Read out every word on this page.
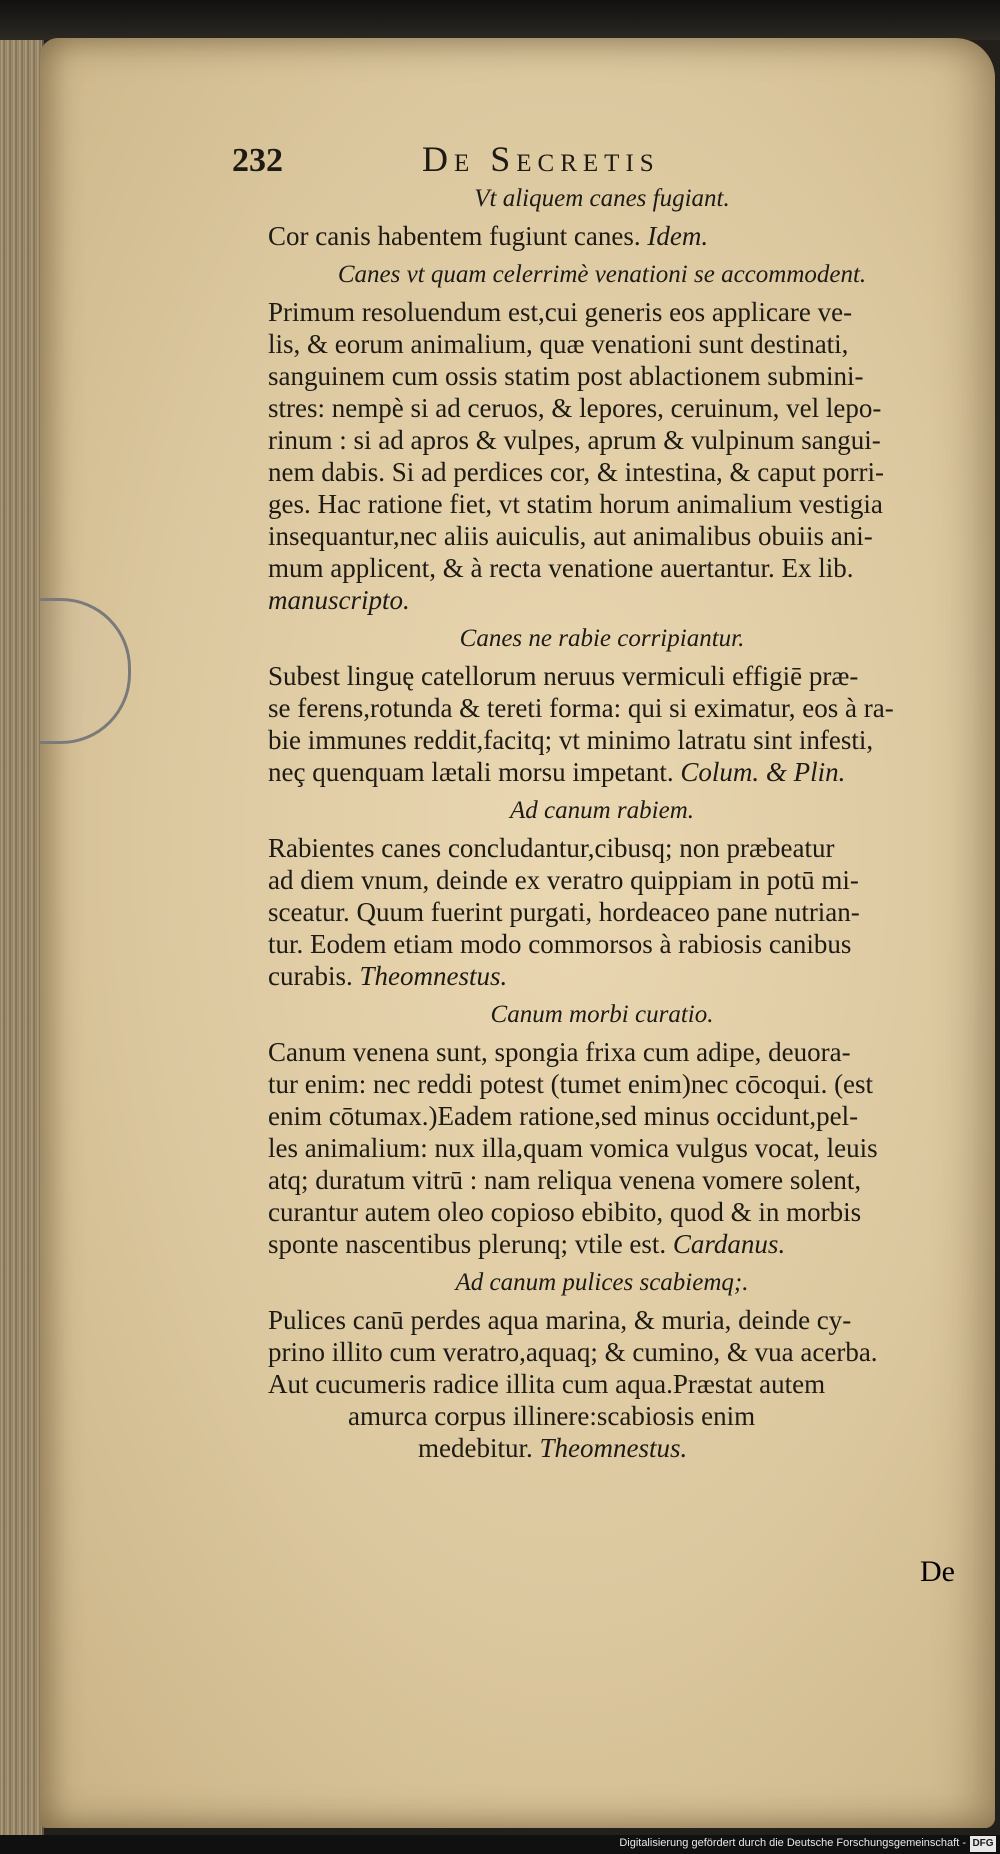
232	De Secretis
Vt aliquem canes fugiant.
Cor canis habentem fugiunt canes. Idem.
Canes vt quam celerrimè venationi se accommodent.
Primum resoluendum est,cui generis eos applicare ve-
lis, & eorum animalium, quæ venationi sunt destinati,
sanguinem cum ossis statim post ablactionem submini-
stres: nempè si ad ceruos, & lepores, ceruinum, vel lepo-
rinum : si ad apros & vulpes, aprum & vulpinum sangui-
nem dabis. Si ad perdices cor, & intestina, & caput porri-
ges. Hac ratione fiet, vt statim horum animalium vestigia
insequantur,nec aliis auiculis, aut animalibus obuiis ani-
mum applicent, & à recta venatione auertantur. Ex lib.
manuscripto.
Canes ne rabie corripiantur.
Subest linguę catellorum neruus vermiculi effigiē præ-
se ferens,rotunda & tereti forma: qui si eximatur, eos à ra-
bie immunes reddit,facitq; vt minimo latratu sint infesti,
neç quenquam lætali morsu impetant. Colum. & Plin.
Ad canum rabiem.
Rabientes canes concludantur,cibusq; non præbeatur
ad diem vnum, deinde ex veratro quippiam in potū mi-
sceatur. Quum fuerint purgati, hordeaceo pane nutrian-
tur. Eodem etiam modo commorsos à rabiosis canibus
curabis. Theomnestus.
Canum morbi curatio.
Canum venena sunt, spongia frixa cum adipe, deuora-
tur enim: nec reddi potest (tumet enim)nec cōcoqui. (est
enim cōtumax.)Eadem ratione,sed minus occidunt,pel-
les animalium: nux illa,quam vomica vulgus vocat, leuis
atq; duratum vitrū : nam reliqua venena vomere solent,
curantur autem oleo copioso ebibito, quod & in morbis
sponte nascentibus plerunq; vtile est. Cardanus.
Ad canum pulices scabiemq;.
Pulices canū perdes aqua marina, & muria, deinde cy-
prino illito cum veratro,aquaq; & cumino, & vua acerba.
Aut cucumeris radice illita cum aqua.Præstat autem
amurca corpus illinere:scabiosis enim
medebitur. Theomnestus.
De
Digitalisierung gefördert durch die Deutsche Forschungsgemeinschaft - DFG
